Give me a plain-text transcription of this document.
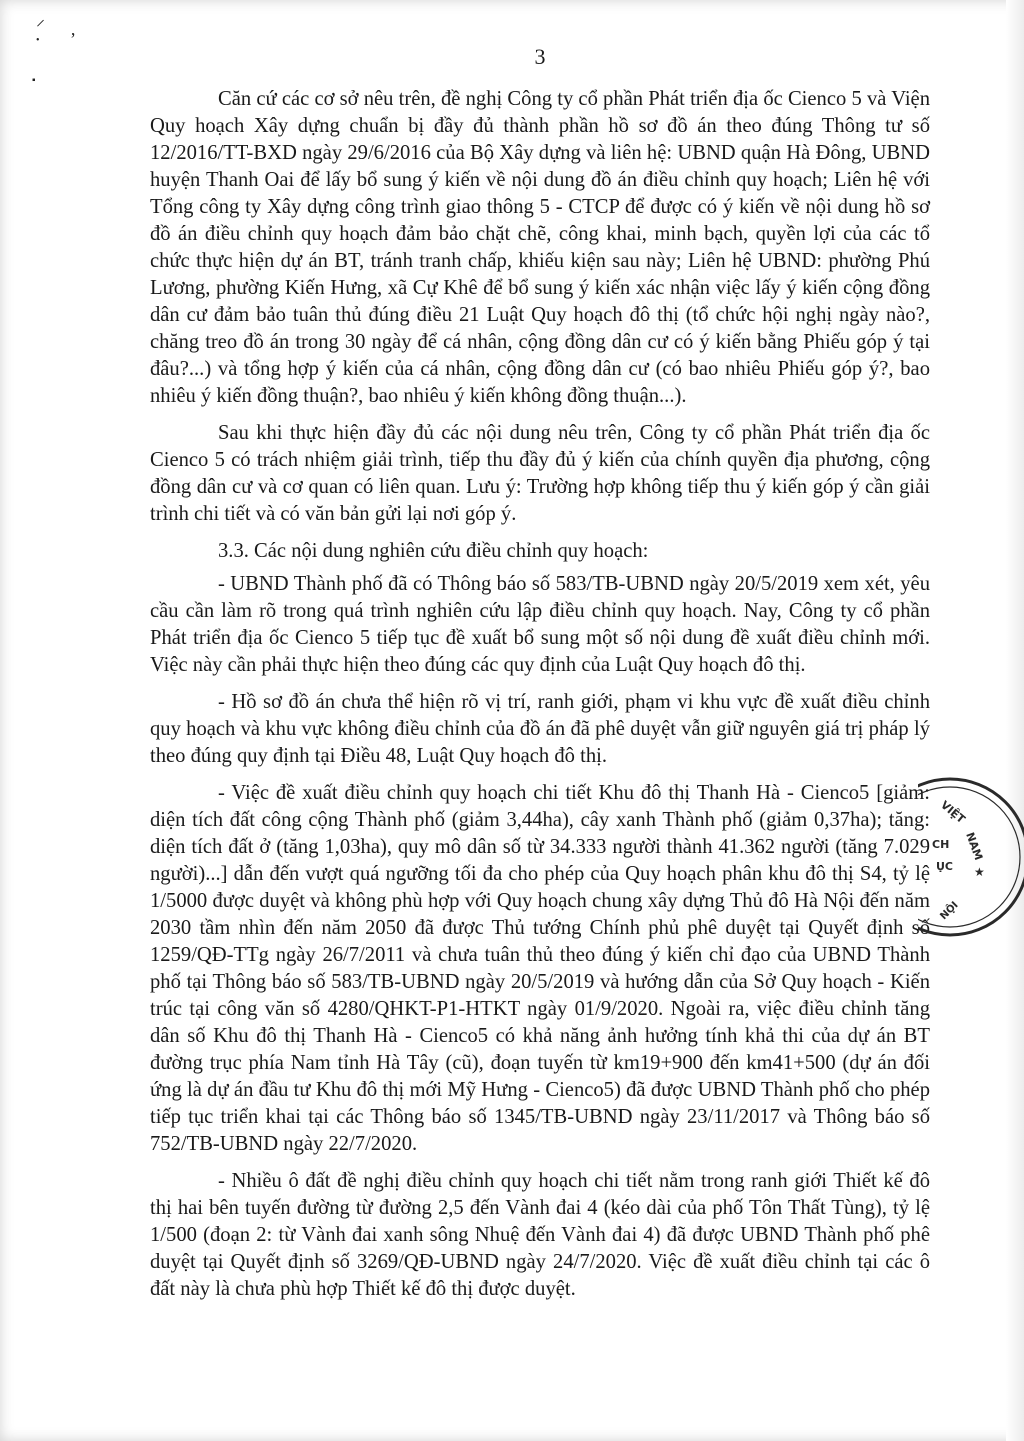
⸝
• ʼ
▪
3

Căn cứ các cơ sở nêu trên, đề nghị Công ty cổ phần Phát triển địa ốc Cienco 5 và Viện Quy hoạch Xây dựng chuẩn bị đầy đủ thành phần hồ sơ đồ án theo đúng Thông tư số 12/2016/TT-BXD ngày 29/6/2016 của Bộ Xây dựng và liên hệ: UBND quận Hà Đông, UBND huyện Thanh Oai để lấy bổ sung ý kiến về nội dung đồ án điều chỉnh quy hoạch; Liên hệ với Tổng công ty Xây dựng công trình giao thông 5 - CTCP để được có ý kiến về nội dung hồ sơ đồ án điều chỉnh quy hoạch đảm bảo chặt chẽ, công khai, minh bạch, quyền lợi của các tổ chức thực hiện dự án BT, tránh tranh chấp, khiếu kiện sau này; Liên hệ UBND: phường Phú Lương, phường Kiến Hưng, xã Cự Khê để bổ sung ý kiến xác nhận việc lấy ý kiến cộng đồng dân cư đảm bảo tuân thủ đúng điều 21 Luật Quy hoạch đô thị (tổ chức hội nghị ngày nào?, chăng treo đồ án trong 30 ngày để cá nhân, cộng đồng dân cư có ý kiến bằng Phiếu góp ý tại đâu?...) và tổng hợp ý kiến của cá nhân, cộng đồng dân cư (có bao nhiêu Phiếu góp ý?, bao nhiêu ý kiến đồng thuận?, bao nhiêu ý kiến không đồng thuận...).

Sau khi thực hiện đầy đủ các nội dung nêu trên, Công ty cổ phần Phát triển địa ốc Cienco 5 có trách nhiệm giải trình, tiếp thu đầy đủ ý kiến của chính quyền địa phương, cộng đồng dân cư và cơ quan có liên quan. Lưu ý: Trường hợp không tiếp thu ý kiến góp ý cần giải trình chi tiết và có văn bản gửi lại nơi góp ý.

3.3. Các nội dung nghiên cứu điều chỉnh quy hoạch:

- UBND Thành phố đã có Thông báo số 583/TB-UBND ngày 20/5/2019 xem xét, yêu cầu cần làm rõ trong quá trình nghiên cứu lập điều chỉnh quy hoạch. Nay, Công ty cổ phần Phát triển địa ốc Cienco 5 tiếp tục đề xuất bổ sung một số nội dung đề xuất điều chỉnh mới. Việc này cần phải thực hiện theo đúng các quy định của Luật Quy hoạch đô thị.

- Hồ sơ đồ án chưa thể hiện rõ vị trí, ranh giới, phạm vi khu vực đề xuất điều chỉnh quy hoạch và khu vực không điều chỉnh của đồ án đã phê duyệt vẫn giữ nguyên giá trị pháp lý theo đúng quy định tại Điều 48, Luật Quy hoạch đô thị.

- Việc đề xuất điều chỉnh quy hoạch chi tiết Khu đô thị Thanh Hà - Cienco5 [giảm: diện tích đất công cộng Thành phố (giảm 3,44ha), cây xanh Thành phố (giảm 0,37ha); tăng: diện tích đất ở (tăng 1,03ha), quy mô dân số từ 34.333 người thành 41.362 người (tăng 7.029 người)...] dẫn đến vượt quá ngưỡng tối đa cho phép của Quy hoạch phân khu đô thị S4, tỷ lệ 1/5000 được duyệt và không phù hợp với Quy hoạch chung xây dựng Thủ đô Hà Nội đến năm 2030 tầm nhìn đến năm 2050 đã được Thủ tướng Chính phủ phê duyệt tại Quyết định số 1259/QĐ-TTg ngày 26/7/2011 và chưa tuân thủ theo đúng ý kiến chỉ đạo của UBND Thành phố tại Thông báo số 583/TB-UBND ngày 20/5/2019 và hướng dẫn của Sở Quy hoạch - Kiến trúc tại công văn số 4280/QHKT-P1-HTKT ngày 01/9/2020. Ngoài ra, việc điều chỉnh tăng dân số Khu đô thị Thanh Hà - Cienco5 có khả năng ảnh hưởng tính khả thi của dự án BT đường trục phía Nam tỉnh Hà Tây (cũ), đoạn tuyến từ km19+900 đến km41+500 (dự án đối ứng là dự án đầu tư Khu đô thị mới Mỹ Hưng - Cienco5) đã được UBND Thành phố cho phép tiếp tục triển khai tại các Thông báo số 1345/TB-UBND ngày 23/11/2017 và Thông báo số 752/TB-UBND ngày 22/7/2020.

- Nhiều ô đất đề nghị điều chỉnh quy hoạch chi tiết nằm trong ranh giới Thiết kế đô thị hai bên tuyến đường từ đường 2,5 đến Vành đai 4 (kéo dài của phố Tôn Thất Tùng), tỷ lệ 1/500 (đoạn 2: từ Vành đai xanh sông Nhuệ đến Vành đai 4) đã được UBND Thành phố phê duyệt tại Quyết định số 3269/QĐ-UBND ngày 24/7/2020. Việc đề xuất điều chỉnh tại các ô đất này là chưa phù hợp Thiết kế đô thị được duyệt.

VIỆT
NAM
★
NỘI
CH
ỤC
